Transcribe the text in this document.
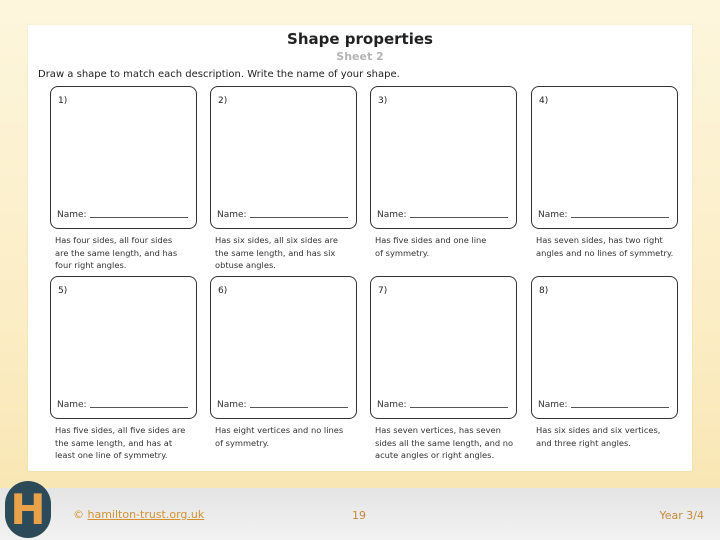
Shape properties
Sheet 2
Draw a shape to match each description. Write the name of your shape.
1)
Name:
Has four sides, all four sides
are the same length, and has
four right angles.
2)
Name:
Has six sides, all six sides are
the same length, and has six
obtuse angles.
3)
Name:
Has five sides and one line
of symmetry.
4)
Name:
Has seven sides, has two right
angles and no lines of symmetry.
5)
Name:
Has five sides, all five sides are
the same length, and has at
least one line of symmetry.
6)
Name:
Has eight vertices and no lines
of symmetry.
7)
Name:
Has seven vertices, has seven
sides all the same length, and no
acute angles or right angles.
8)
Name:
Has six sides and six vertices,
and three right angles.
H	© hamilton-trust.org.uk	19	Year 3/4
